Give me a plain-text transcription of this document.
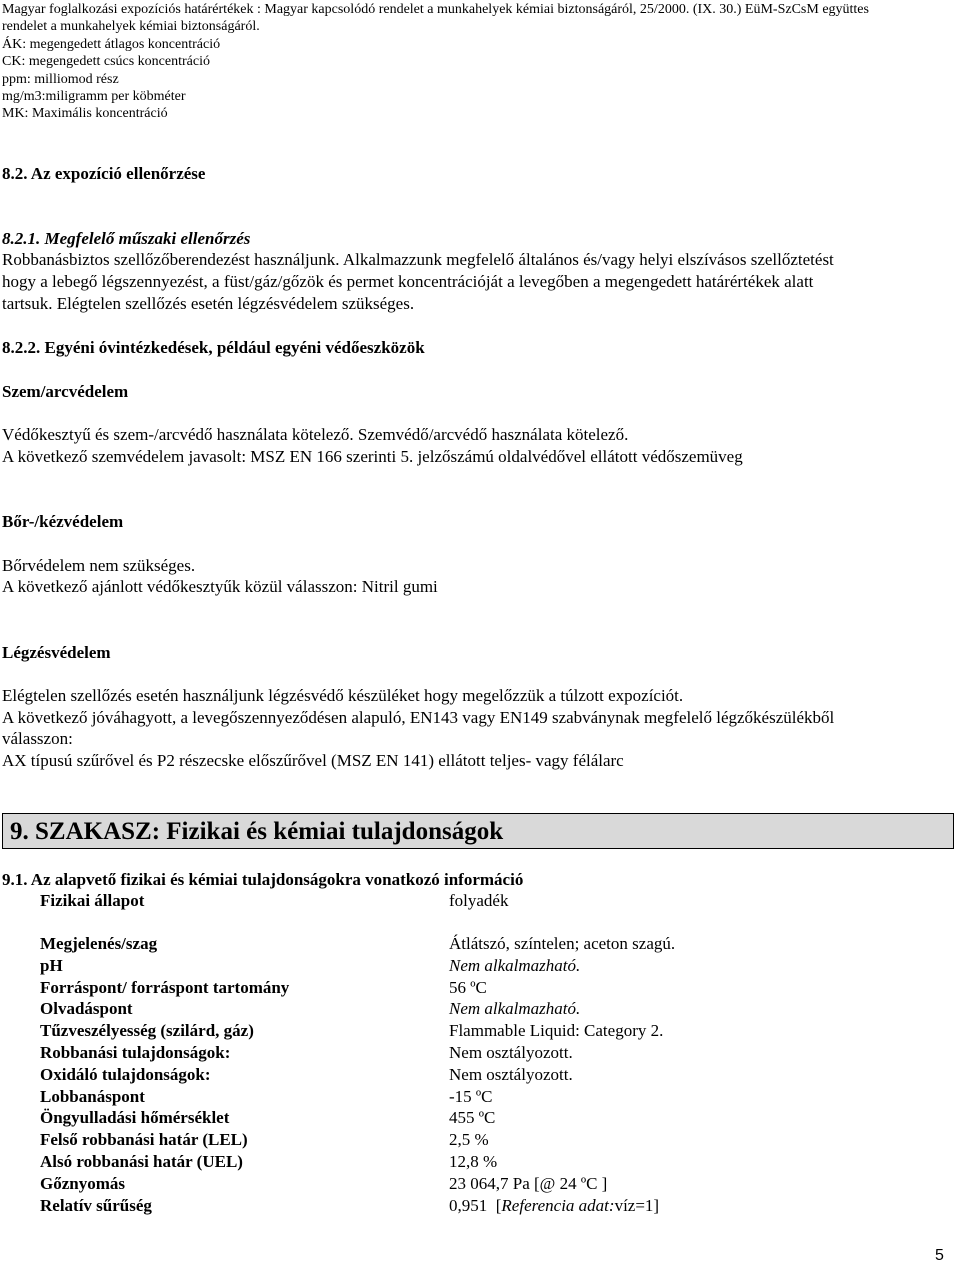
Magyar foglalkozási expozíciós határértékek : Magyar kapcsolódó rendelet a munkahelyek kémiai biztonságáról, 25/2000. (IX. 30.) EüM-SzCsM együttes
rendelet a munkahelyek kémiai biztonságáról.
ÁK: megengedett átlagos koncentráció
CK: megengedett csúcs koncentráció
ppm: milliomod rész
mg/m3:miligramm per köbméter
MK: Maximális koncentráció
8.2. Az expozíció ellenőrzése
8.2.1. Megfelelő műszaki ellenőrzés
Robbanásbiztos szellőzőberendezést használjunk. Alkalmazzunk megfelelő általános és/vagy helyi elszívásos szellőztetést
hogy a lebegő légszennyezést, a füst/gáz/gőzök és permet koncentrációját a levegőben a megengedett határértékek alatt
tartsuk. Elégtelen szellőzés esetén légzésvédelem szükséges.
8.2.2. Egyéni óvintézkedések, például egyéni védőeszközök
Szem/arcvédelem
Védőkesztyű és szem-/arcvédő használata kötelező. Szemvédő/arcvédő használata kötelező.
A következő szemvédelem javasolt: MSZ EN 166 szerinti 5. jelzőszámú oldalvédővel ellátott védőszemüveg
Bőr-/kézvédelem
Bőrvédelem nem szükséges.
A következő ajánlott védőkesztyűk közül válasszon: Nitril gumi
Légzésvédelem
Elégtelen szellőzés esetén használjunk légzésvédő készüléket hogy megelőzzük a túlzott expozíciót.
A következő jóváhagyott, a levegőszennyeződésen alapuló, EN143 vagy EN149 szabványnak megfelelő légzőkészülékből
válasszon:
AX típusú szűrővel és P2 részecske előszűrővel (MSZ EN 141) ellátott teljes- vagy félálarc
9. SZAKASZ: Fizikai és kémiai tulajdonságok
9.1. Az alapvető fizikai és kémiai tulajdonságokra vonatkozó információ
Fizikai állapot	folyadék
Megjelenés/szag	Átlátszó, színtelen; aceton szagú.
pH	Nem alkalmazható.
Forráspont/ forráspont tartomány	56 ºC
Olvadáspont	Nem alkalmazható.
Tűzveszélyesség (szilárd, gáz)	Flammable Liquid: Category 2.
Robbanási tulajdonságok:	Nem osztályozott.
Oxidáló tulajdonságok:	Nem osztályozott.
Lobbanáspont	-15 ºC
Öngyulladási hőmérséklet	455 ºC
Felső robbanási határ (LEL)	2,5 %
Alsó robbanási határ (UEL)	12,8 %
Gőznyomás	23 064,7 Pa [@ 24 ºC ]
Relatív sűrűség	0,951 [Referencia adat:víz=1]
5
